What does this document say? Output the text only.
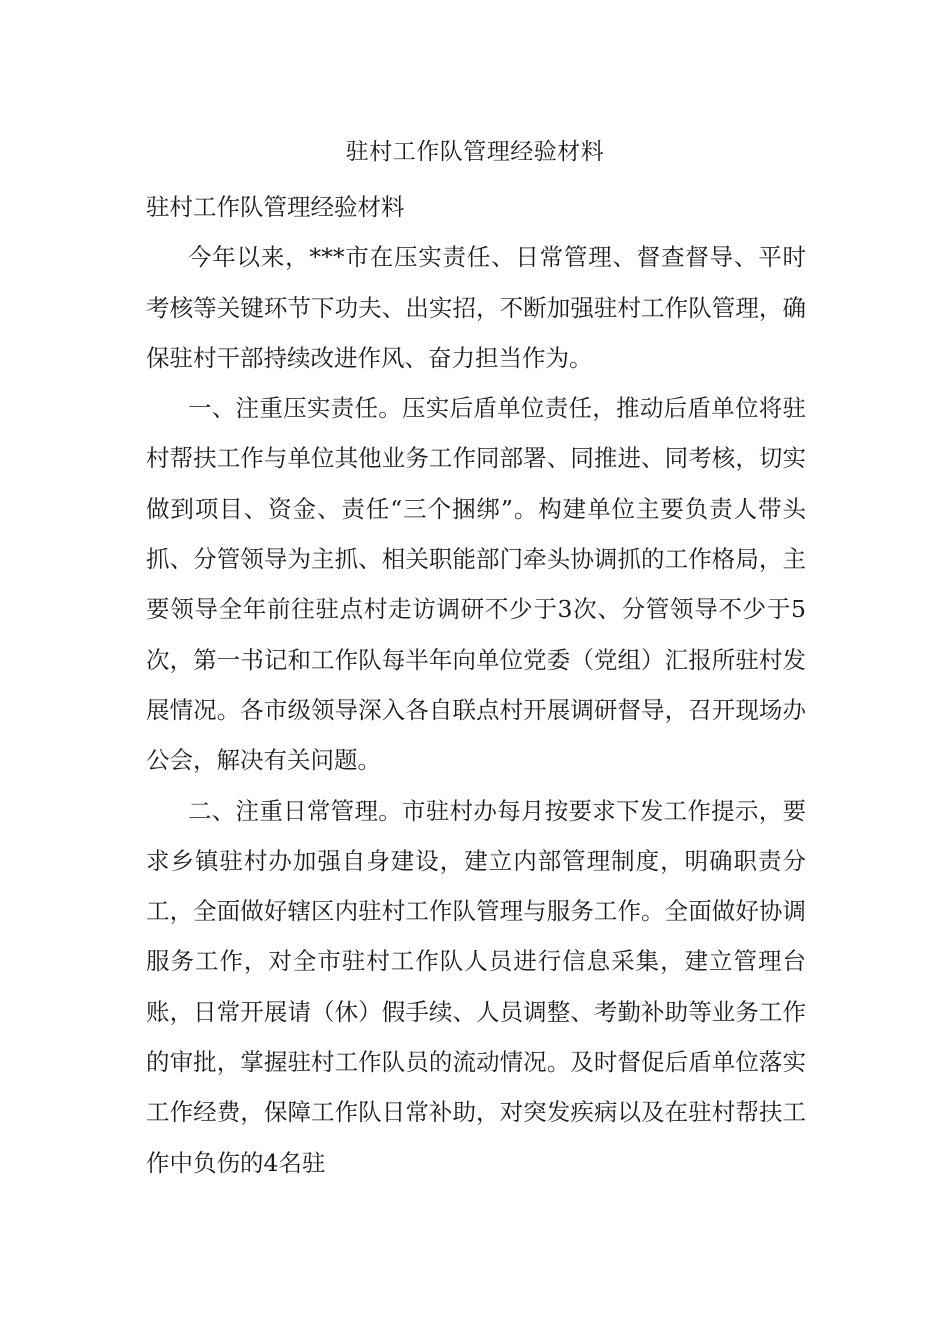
驻村工作队管理经验材料

驻村工作队管理经验材料

今年以来，***市在压实责任、日常管理、督查督导、平时考核等关键环节下功夫、出实招，不断加强驻村工作队管理，确保驻村干部持续改进作风、奋力担当作为。

一、注重压实责任。压实后盾单位责任，推动后盾单位将驻村帮扶工作与单位其他业务工作同部署、同推进、同考核，切实做到项目、资金、责任“三个捆绑”。构建单位主要负责人带头抓、分管领导为主抓、相关职能部门牵头协调抓的工作格局，主要领导全年前往驻点村走访调研不少于3次、分管领导不少于5次，第一书记和工作队每半年向单位党委（党组）汇报所驻村发展情况。各市级领导深入各自联点村开展调研督导，召开现场办公会，解决有关问题。

二、注重日常管理。市驻村办每月按要求下发工作提示，要求乡镇驻村办加强自身建设，建立内部管理制度，明确职责分工，全面做好辖区内驻村工作队管理与服务工作。全面做好协调服务工作，对全市驻村工作队人员进行信息采集，建立管理台账，日常开展请（休）假手续、人员调整、考勤补助等业务工作的审批，掌握驻村工作队员的流动情况。及时督促后盾单位落实工作经费，保障工作队日常补助，对突发疾病以及在驻村帮扶工作中负伤的4名驻
